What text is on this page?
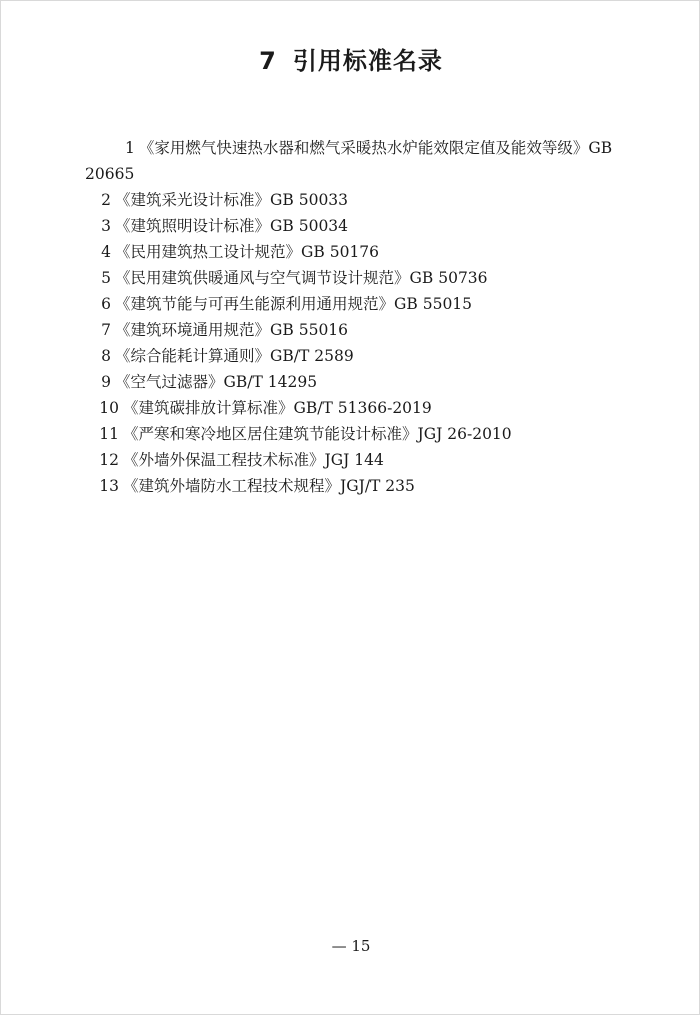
7 引用标准名录
1 《家用燃气快速热水器和燃气采暖热水炉能效限定值及能效等级》GB 20665
2 《建筑采光设计标准》GB 50033
3 《建筑照明设计标准》GB 50034
4 《民用建筑热工设计规范》GB 50176
5 《民用建筑供暖通风与空气调节设计规范》GB 50736
6 《建筑节能与可再生能源利用通用规范》GB 55015
7 《建筑环境通用规范》GB 55016
8 《综合能耗计算通则》GB/T 2589
9 《空气过滤器》GB/T 14295
10 《建筑碳排放计算标准》GB/T 51366-2019
11 《严寒和寒冷地区居住建筑节能设计标准》JGJ 26-2010
12 《外墙外保温工程技术标准》JGJ 144
13 《建筑外墙防水工程技术规程》JGJ/T 235
— 15
